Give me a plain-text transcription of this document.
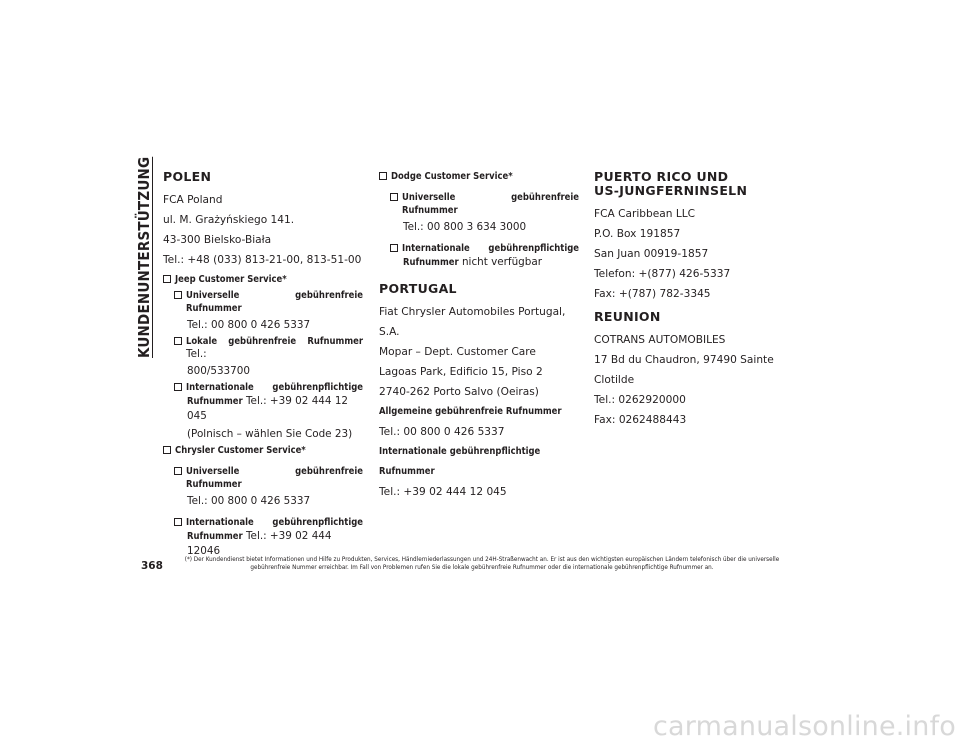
KUNDENUNTERSTÜTZUNG POLEN

FCA Poland

ul. M. Grażyńskiego 141.

43-300 Bielsko-Biała

Tel.: +48 (033) 813-21-00, 813-51-00

Jeep Customer Service*
Universelle gebührenfreie Rufnummer
Tel.: 00 800 0 426 5337
Lokale gebührenfreie Rufnummer Tel.:
800/533700
Internationale gebührenpflichtige
Rufnummer Tel.: +39 02 444 12 045
(Polnisch – wählen Sie Code 23)
Chrysler Customer Service*
Universelle gebührenfreie Rufnummer
Tel.: 00 800 0 426 5337
Internationale gebührenpflichtige
Rufnummer Tel.: +39 02 444 12046
Dodge Customer Service*
Universelle gebührenfreie Rufnummer
Tel.: 00 800 3 634 3000
Internationale gebührenpflichtige
Rufnummer nicht verfügbar
PORTUGAL

Fiat Chrysler Automobiles Portugal, S.A.

Mopar – Dept. Customer Care

Lagoas Park, Edificio 15, Piso 2

2740-262 Porto Salvo (Oeiras)

Allgemeine gebührenfreie Rufnummer

Tel.: 00 800 0 426 5337

Internationale gebührenpflichtige Rufnummer

Tel.: +39 02 444 12 045

PUERTO RICO UND
US-JUNGFERNINSELN

FCA Caribbean LLC

P.O. Box 191857

San Juan 00919-1857

Telefon: +(877) 426-5337

Fax: +(787) 782-3345

REUNION

COTRANS AUTOMOBILES

17 Bd du Chaudron, 97490 Sainte Clotilde

Tel.: 0262920000

Fax: 0262488443

368
(*) Der Kundendienst bietet Informationen und Hilfe zu Produkten, Services, Händlerniederlassungen und 24H-Straßenwacht an. Er ist aus den wichtigsten europäischen Ländern telefonisch über die universelle gebührenfreie Nummer erreichbar. Im Fall von Problemen rufen Sie die lokale gebührenfreie Rufnummer oder die internationale gebührenpflichtige Rufnummer an.
carmanualsonline.info
